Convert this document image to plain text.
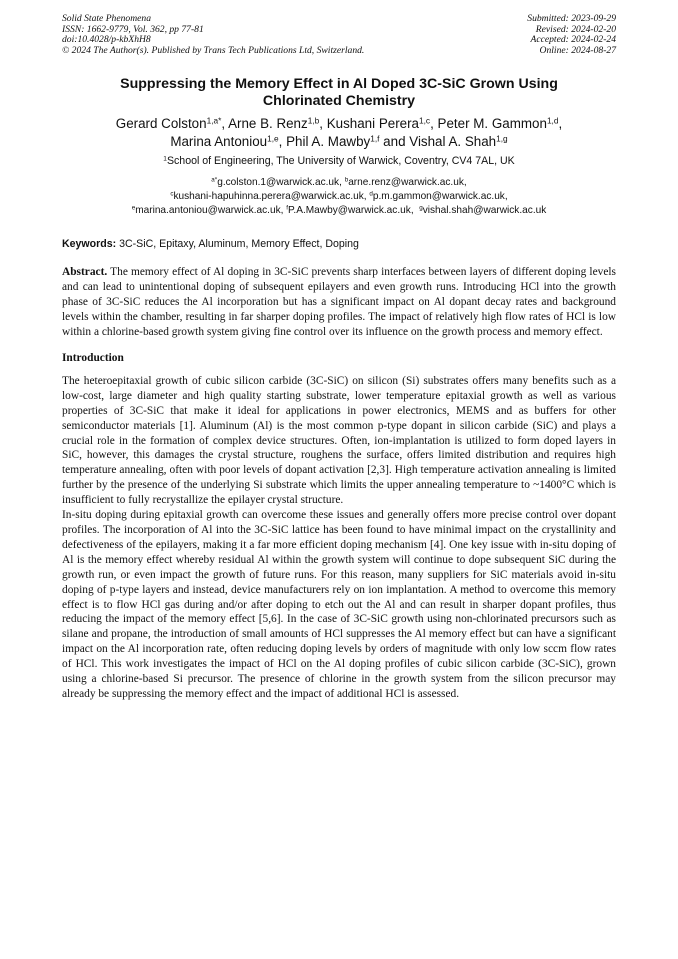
Solid State Phenomena
ISSN: 1662-9779, Vol. 362, pp 77-81
doi:10.4028/p-kbXhH8
© 2024 The Author(s). Published by Trans Tech Publications Ltd, Switzerland.
Submitted: 2023-09-29
Revised: 2024-02-20
Accepted: 2024-02-24
Online: 2024-08-27
Suppressing the Memory Effect in Al Doped 3C-SiC Grown Using
Chlorinated Chemistry
Gerard Colston$^{1,a*}$, Arne B. Renz$^{1,b}$, Kushani Perera$^{1,c}$, Peter M. Gammon$^{1,d}$,
Marina Antoniou$^{1,e}$, Phil A. Mawby$^{1,f}$ and Vishal A. Shah$^{1,g}$
$^1$School of Engineering, The University of Warwick, Coventry, CV4 7AL, UK
$^{a*}$g.colston.1@warwick.ac.uk, $^b$arne.renz@warwick.ac.uk,
$^c$kushani-hapuhinna.perera@warwick.ac.uk, $^d$p.m.gammon@warwick.ac.uk,
$^e$marina.antoniou@warwick.ac.uk, $^f$P.A.Mawby@warwick.ac.uk,  $^g$vishal.shah@warwick.ac.uk
Keywords: 3C-SiC, Epitaxy, Aluminum, Memory Effect, Doping
Abstract. The memory effect of Al doping in 3C-SiC prevents sharp interfaces between layers of different doping levels and can lead to unintentional doping of subsequent epilayers and even growth runs. Introducing HCl into the growth phase of 3C-SiC reduces the Al incorporation but has a significant impact on Al dopant decay rates and background levels within the chamber, resulting in far sharper doping profiles. The impact of relatively high flow rates of HCl is low within a chlorine-based growth system giving fine control over its influence on the growth process and memory effect.
Introduction

The heteroepitaxial growth of cubic silicon carbide (3C-SiC) on silicon (Si) substrates offers many benefits such as a low-cost, large diameter and high quality starting substrate, lower temperature epitaxial growth as well as various properties of 3C-SiC that make it ideal for applications in power electronics, MEMS and as buffers for other semiconductor materials [1]. Aluminum (Al) is the most common p-type dopant in silicon carbide (SiC) and plays a crucial role in the formation of complex device structures. Often, ion-implantation is utilized to form doped layers in SiC, however, this damages the crystal structure, roughens the surface, offers limited distribution and requires high temperature annealing, often with poor levels of dopant activation [2,3]. High temperature activation annealing is limited further by the presence of the underlying Si substrate which limits the upper annealing temperature to ~1400°C which is insufficient to fully recrystallize the epilayer crystal structure.

In-situ doping during epitaxial growth can overcome these issues and generally offers more precise control over dopant profiles. The incorporation of Al into the 3C-SiC lattice has been found to have minimal impact on the crystallinity and defectiveness of the epilayers, making it a far more efficient doping mechanism [4]. One key issue with in-situ doping of Al is the memory effect whereby residual Al within the growth system will continue to dope subsequent SiC during the growth run, or even impact the growth of future runs. For this reason, many suppliers for SiC materials avoid in-situ doping of p-type layers and instead, device manufacturers rely on ion implantation. A method to overcome this memory effect is to flow HCl gas during and/or after doping to etch out the Al and can result in sharper dopant profiles, thus reducing the impact of the memory effect [5,6]. In the case of 3C-SiC growth using non-chlorinated precursors such as silane and propane, the introduction of small amounts of HCl suppresses the Al memory effect but can have a significant impact on the Al incorporation rate, often reducing doping levels by orders of magnitude with only low sccm flow rates of HCl. This work investigates the impact of HCl on the Al doping profiles of cubic silicon carbide (3C-SiC), grown using a chlorine-based Si precursor. The presence of chlorine in the growth system from the silicon precursor may already be suppressing the memory effect and the impact of additional HCl is assessed.
